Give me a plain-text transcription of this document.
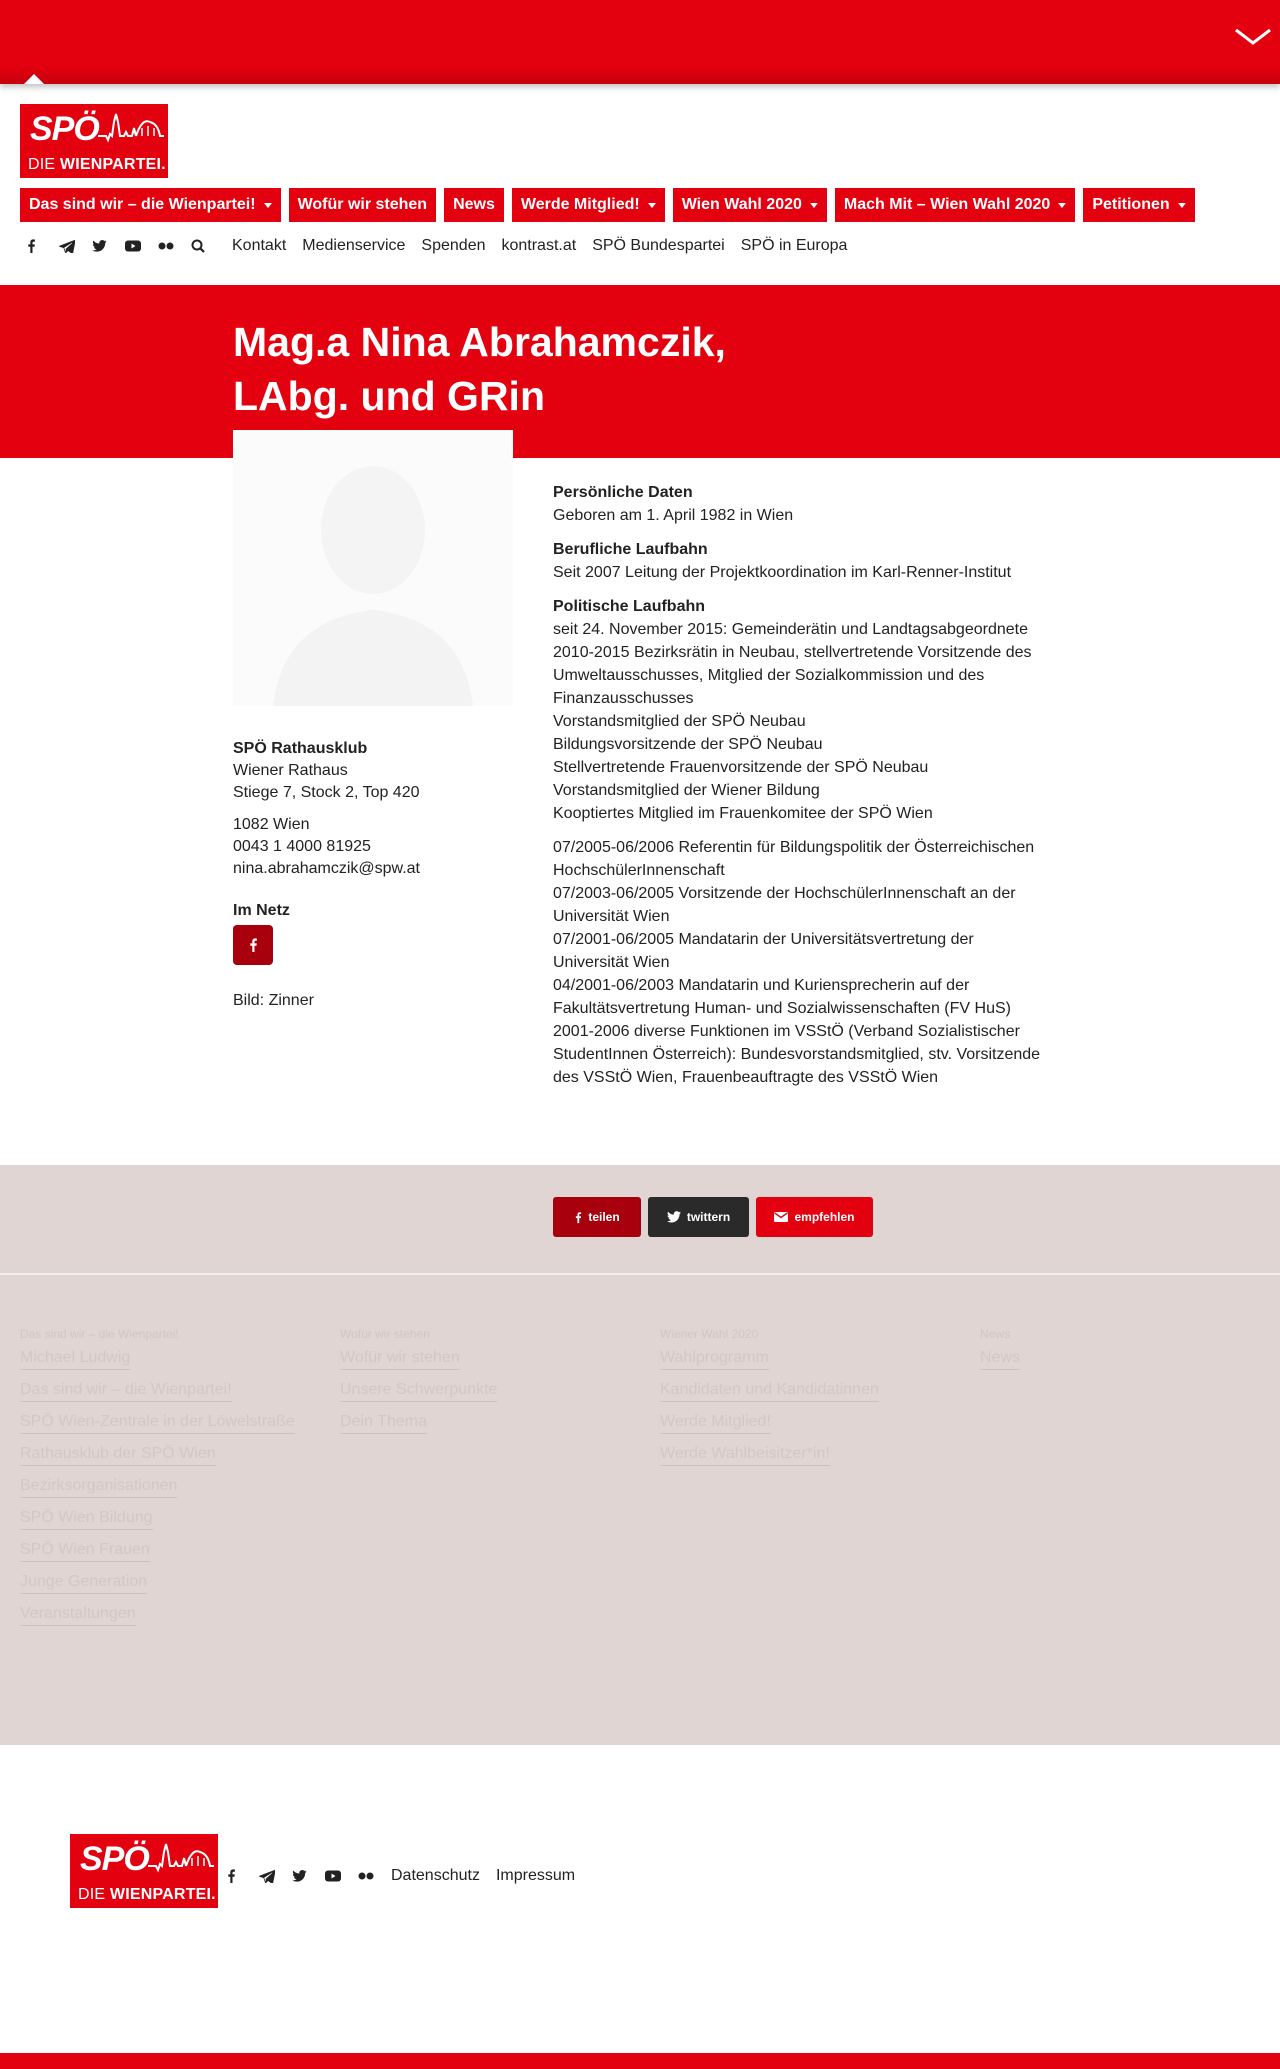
SPÖ
DIE WIENPARTEI.
Das sind wir – die Wienpartei!	Wofür wir stehen News Werde Mitglied!	Wien Wahl 2020	Mach Mit – Wien Wahl 2020	Petitionen
Kontakt Medienservice Spenden kontrast.at SPÖ Bundespartei SPÖ in Europa
Mag.a Nina Abrahamczik,
LAbg. und GRin
SPÖ Rathausklub
Wiener Rathaus
Stiege 7, Stock 2, Top 420
1082 Wien
0043 1 4000 81925
nina.abrahamczik@spw.at
Im Netz
Bild: Zinner
Persönliche Daten
Geboren am 1. April 1982 in Wien
Berufliche Laufbahn
Seit 2007 Leitung der Projektkoordination im Karl-Renner-Institut
Politische Laufbahn
seit 24. November 2015: Gemeinderätin und Landtagsabgeordnete
2010-2015 Bezirksrätin in Neubau, stellvertretende Vorsitzende des
Umweltausschusses, Mitglied der Sozialkommission und des
Finanzausschusses
Vorstandsmitglied der SPÖ Neubau
Bildungsvorsitzende der SPÖ Neubau
Stellvertretende Frauenvorsitzende der SPÖ Neubau
Vorstandsmitglied der Wiener Bildung
Kooptiertes Mitglied im Frauenkomitee der SPÖ Wien
07/2005-06/2006 Referentin für Bildungspolitik der Österreichischen
HochschülerInnenschaft
07/2003-06/2005 Vorsitzende der HochschülerInnenschaft an der
Universität Wien
07/2001-06/2005 Mandatarin der Universitätsvertretung der
Universität Wien
04/2001-06/2003 Mandatarin und Kuriensprecherin auf der
Fakultätsvertretung Human- und Sozialwissenschaften (FV HuS)
2001-2006 diverse Funktionen im VSStÖ (Verband Sozialistischer
StudentInnen Österreich): Bundesvorstandsmitglied, stv. Vorsitzende
des VSStÖ Wien, Frauenbeauftragte des VSStÖ Wien
teilen	twittern	empfehlen
Das sind wir – die Wienpartei!
Michael Ludwig
Das sind wir – die Wienpartei!
SPÖ Wien-Zentrale in der Löwelstraße
Rathausklub der SPÖ Wien
Bezirksorganisationen
SPÖ Wien Bildung
SPÖ Wien Frauen
Junge Generation
Veranstaltungen
Wofür wir stehen
Wofür wir stehen
Unsere Schwerpunkte
Dein Thema
Wiener Wahl 2020
Wahlprogramm
Kandidaten und Kandidatinnen
Werde Mitglied!
Werde Wahlbeisitzer*in!
News
News
SPÖ
DIE WIENPARTEI.
Datenschutz Impressum
